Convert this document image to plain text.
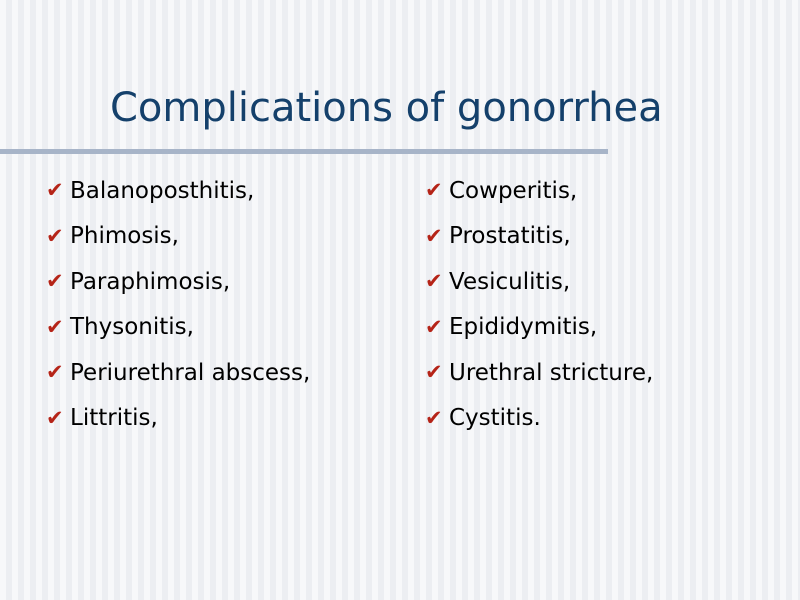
Complications of gonorrhea
✔ Balanoposthitis,
✔ Phimosis,
✔ Paraphimosis,
✔ Thysonitis,
✔ Periurethral abscess,
✔ Littritis,
✔ Cowperitis,
✔ Prostatitis,
✔ Vesiculitis,
✔ Epididymitis,
✔ Urethral stricture,
✔ Cystitis.
